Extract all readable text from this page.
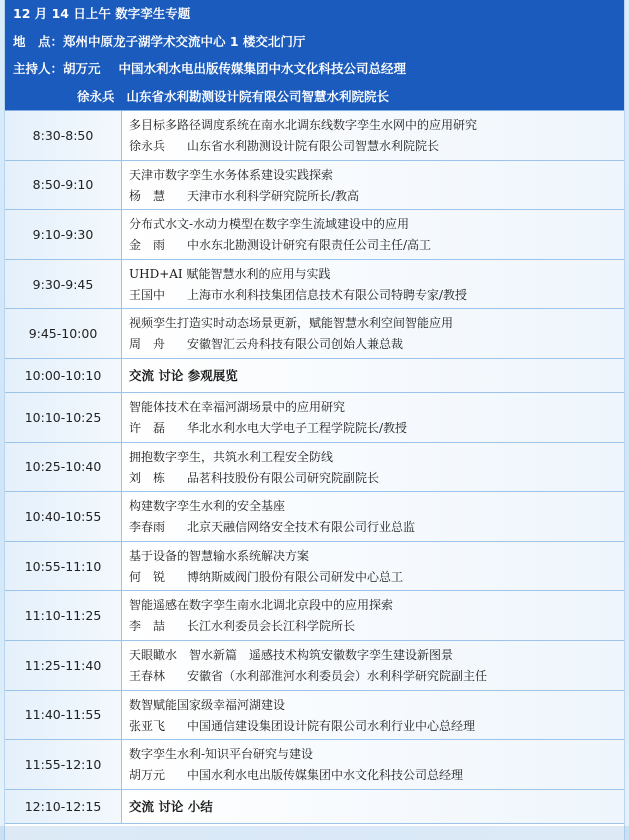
12 月 14 日上午 数字孪生专题
地　点：郑州中原龙子湖学术交流中心 1 楼交北门厅
主持人：胡万元 中国水利水电出版传媒集团中水文化科技公司总经理
徐永兵 山东省水利勘测设计院有限公司智慧水利院院长
8:30-8:50
多目标多路径调度系统在南水北调东线数字孪生水网中的应用研究
徐永兵 山东省水利勘测设计院有限公司智慧水利院院长
8:50-9:10
天津市数字孪生水务体系建设实践探索
杨　慧 天津市水利科学研究院所长/教高
9:10-9:30
分布式水文-水动力模型在数字孪生流域建设中的应用
金　雨 中水东北勘测设计研究有限责任公司主任/高工
9:30-9:45
UHD+AI 赋能智慧水利的应用与实践
王国中 上海市水利科技集团信息技术有限公司特聘专家/教授
9:45-10:00
视频孪生打造实时动态场景更新，赋能智慧水利空间智能应用
周　舟 安徽智汇云舟科技有限公司创始人兼总裁
10:00-10:10	交流 讨论 参观展览
10:10-10:25
智能体技术在幸福河湖场景中的应用研究
许　磊 华北水利水电大学电子工程学院院长/教授
10:25-10:40
拥抱数字孪生，共筑水利工程安全防线
刘　栋 品茗科技股份有限公司研究院副院长
10:40-10:55
构建数字孪生水利的安全基座
李春雨 北京天融信网络安全技术有限公司行业总监
10:55-11:10
基于设备的智慧输水系统解决方案
何　锐 博纳斯威阀门股份有限公司研发中心总工
11:10-11:25
智能遥感在数字孪生南水北调北京段中的应用探索
李　喆 长江水利委员会长江科学院所长
11:25-11:40
天眼瞰水　智水新篇　遥感技术构筑安徽数字孪生建设新图景
王春林 安徽省（水利部淮河水利委员会）水利科学研究院副主任
11:40-11:55
数智赋能国家级幸福河湖建设
张亚飞 中国通信建设集团设计院有限公司水利行业中心总经理
11:55-12:10
数字孪生水利-知识平台研究与建设
胡万元 中国水利水电出版传媒集团中水文化科技公司总经理
12:10-12:15	交流 讨论 小结
